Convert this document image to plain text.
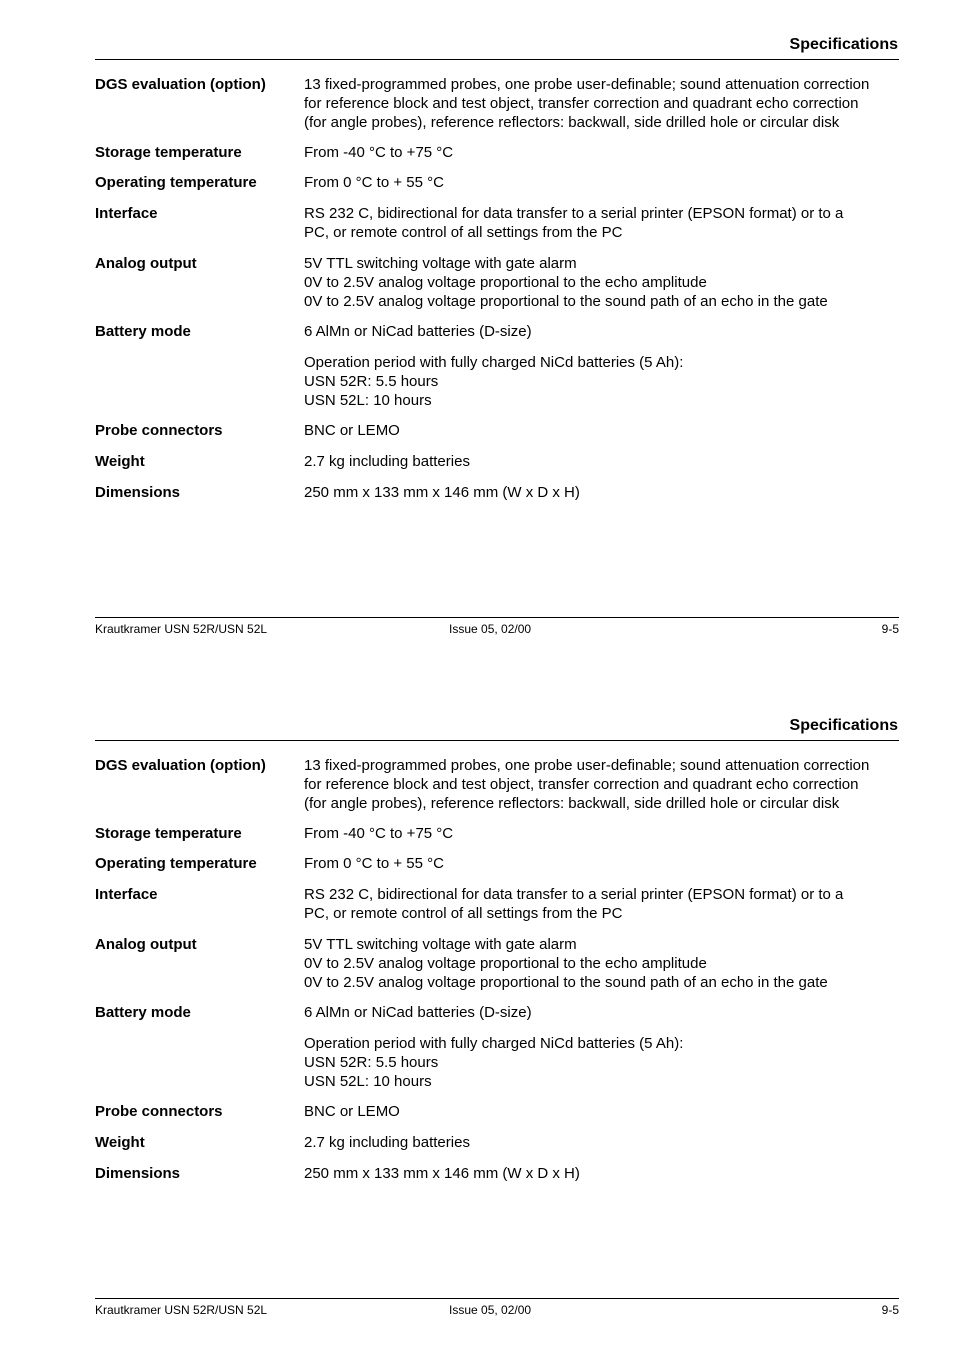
Specifications
DGS evaluation (option)	13 fixed-programmed probes, one probe user-definable; sound attenuation correction

for reference block and test object, transfer correction and quadrant echo correction

(for angle probes), reference reflectors: backwall, side drilled hole or circular disk

Storage temperature	From -40 °C to +75 °C

Operating temperature	From 0 °C to + 55 °C

Interface	RS 232 C, bidirectional for data transfer to a serial printer (EPSON format) or to a

PC, or remote control of all settings from the PC

Analog output	5V TTL switching voltage with gate alarm

0V to 2.5V analog voltage proportional to the echo amplitude

0V to 2.5V analog voltage proportional to the sound path of an echo in the gate

Battery mode	6 AlMn or NiCad batteries (D-size)

Operation period with fully charged NiCd batteries (5 Ah):

USN 52R: 5.5 hours

USN 52L: 10 hours

Probe connectors	BNC or LEMO

Weight	2.7 kg including batteries

Dimensions	250 mm x 133 mm x 146 mm (W x D x H)

Krautkramer USN 52R/USN 52L	Issue 05, 02/00	9-5
Specifications
DGS evaluation (option)	13 fixed-programmed probes, one probe user-definable; sound attenuation correction

for reference block and test object, transfer correction and quadrant echo correction

(for angle probes), reference reflectors: backwall, side drilled hole or circular disk

Storage temperature	From -40 °C to +75 °C

Operating temperature	From 0 °C to + 55 °C

Interface	RS 232 C, bidirectional for data transfer to a serial printer (EPSON format) or to a

PC, or remote control of all settings from the PC

Analog output	5V TTL switching voltage with gate alarm

0V to 2.5V analog voltage proportional to the echo amplitude

0V to 2.5V analog voltage proportional to the sound path of an echo in the gate

Battery mode	6 AlMn or NiCad batteries (D-size)

Operation period with fully charged NiCd batteries (5 Ah):

USN 52R: 5.5 hours

USN 52L: 10 hours

Probe connectors	BNC or LEMO

Weight	2.7 kg including batteries

Dimensions	250 mm x 133 mm x 146 mm (W x D x H)

Krautkramer USN 52R/USN 52L	Issue 05, 02/00	9-5
